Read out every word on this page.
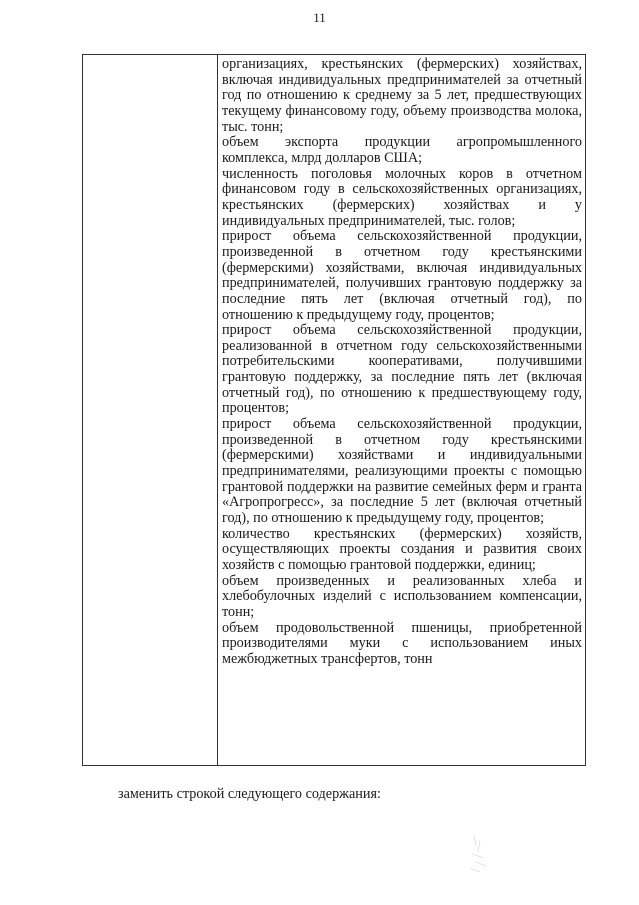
11

организациях, крестьянских (фермерских) хозяйствах, включая индивидуальных предпринимателей за отчетный год по отношению к среднему за 5 лет, предшествующих текущему финансовому году, объему производства молока, тыс. тонн;

объем экспорта продукции агропромышленного комплекса, млрд долларов США;

численность поголовья молочных коров в отчетном финансовом году в сельскохозяйственных организациях, крестьянских (фермерских) хозяйствах и у индивидуальных предпринимателей, тыс. голов;

прирост объема сельскохозяйственной продукции, произведенной в отчетном году крестьянскими (фермерскими) хозяйствами, включая индивидуальных предпринимателей, получивших грантовую поддержку за последние пять лет (включая отчетный год), по отношению к предыдущему году, процентов;

прирост объема сельскохозяйственной продукции, реализованной в отчетном году сельскохозяйственными потребительскими кооперативами, получившими грантовую поддержку, за последние пять лет (включая отчетный год), по отношению к предшествующему году, процентов;

прирост объема сельскохозяйственной продукции, произведенной в отчетном году крестьянскими (фермерскими) хозяйствами и индивидуальными предпринимателями, реализующими проекты с помощью грантовой поддержки на развитие семейных ферм и гранта «Агропрогресс», за последние 5 лет (включая отчетный год), по отношению к предыдущему году, процентов;

количество крестьянских (фермерских) хозяйств, осуществляющих проекты создания и развития своих хозяйств с помощью грантовой поддержки, единиц;

объем произведенных и реализованных хлеба и хлебобулочных изделий с использованием компенсации, тонн;

объем продовольственной пшеницы, приобретенной производителями муки с использованием иных межбюджетных трансфертов, тонн

заменить строкой следующего содержания:
